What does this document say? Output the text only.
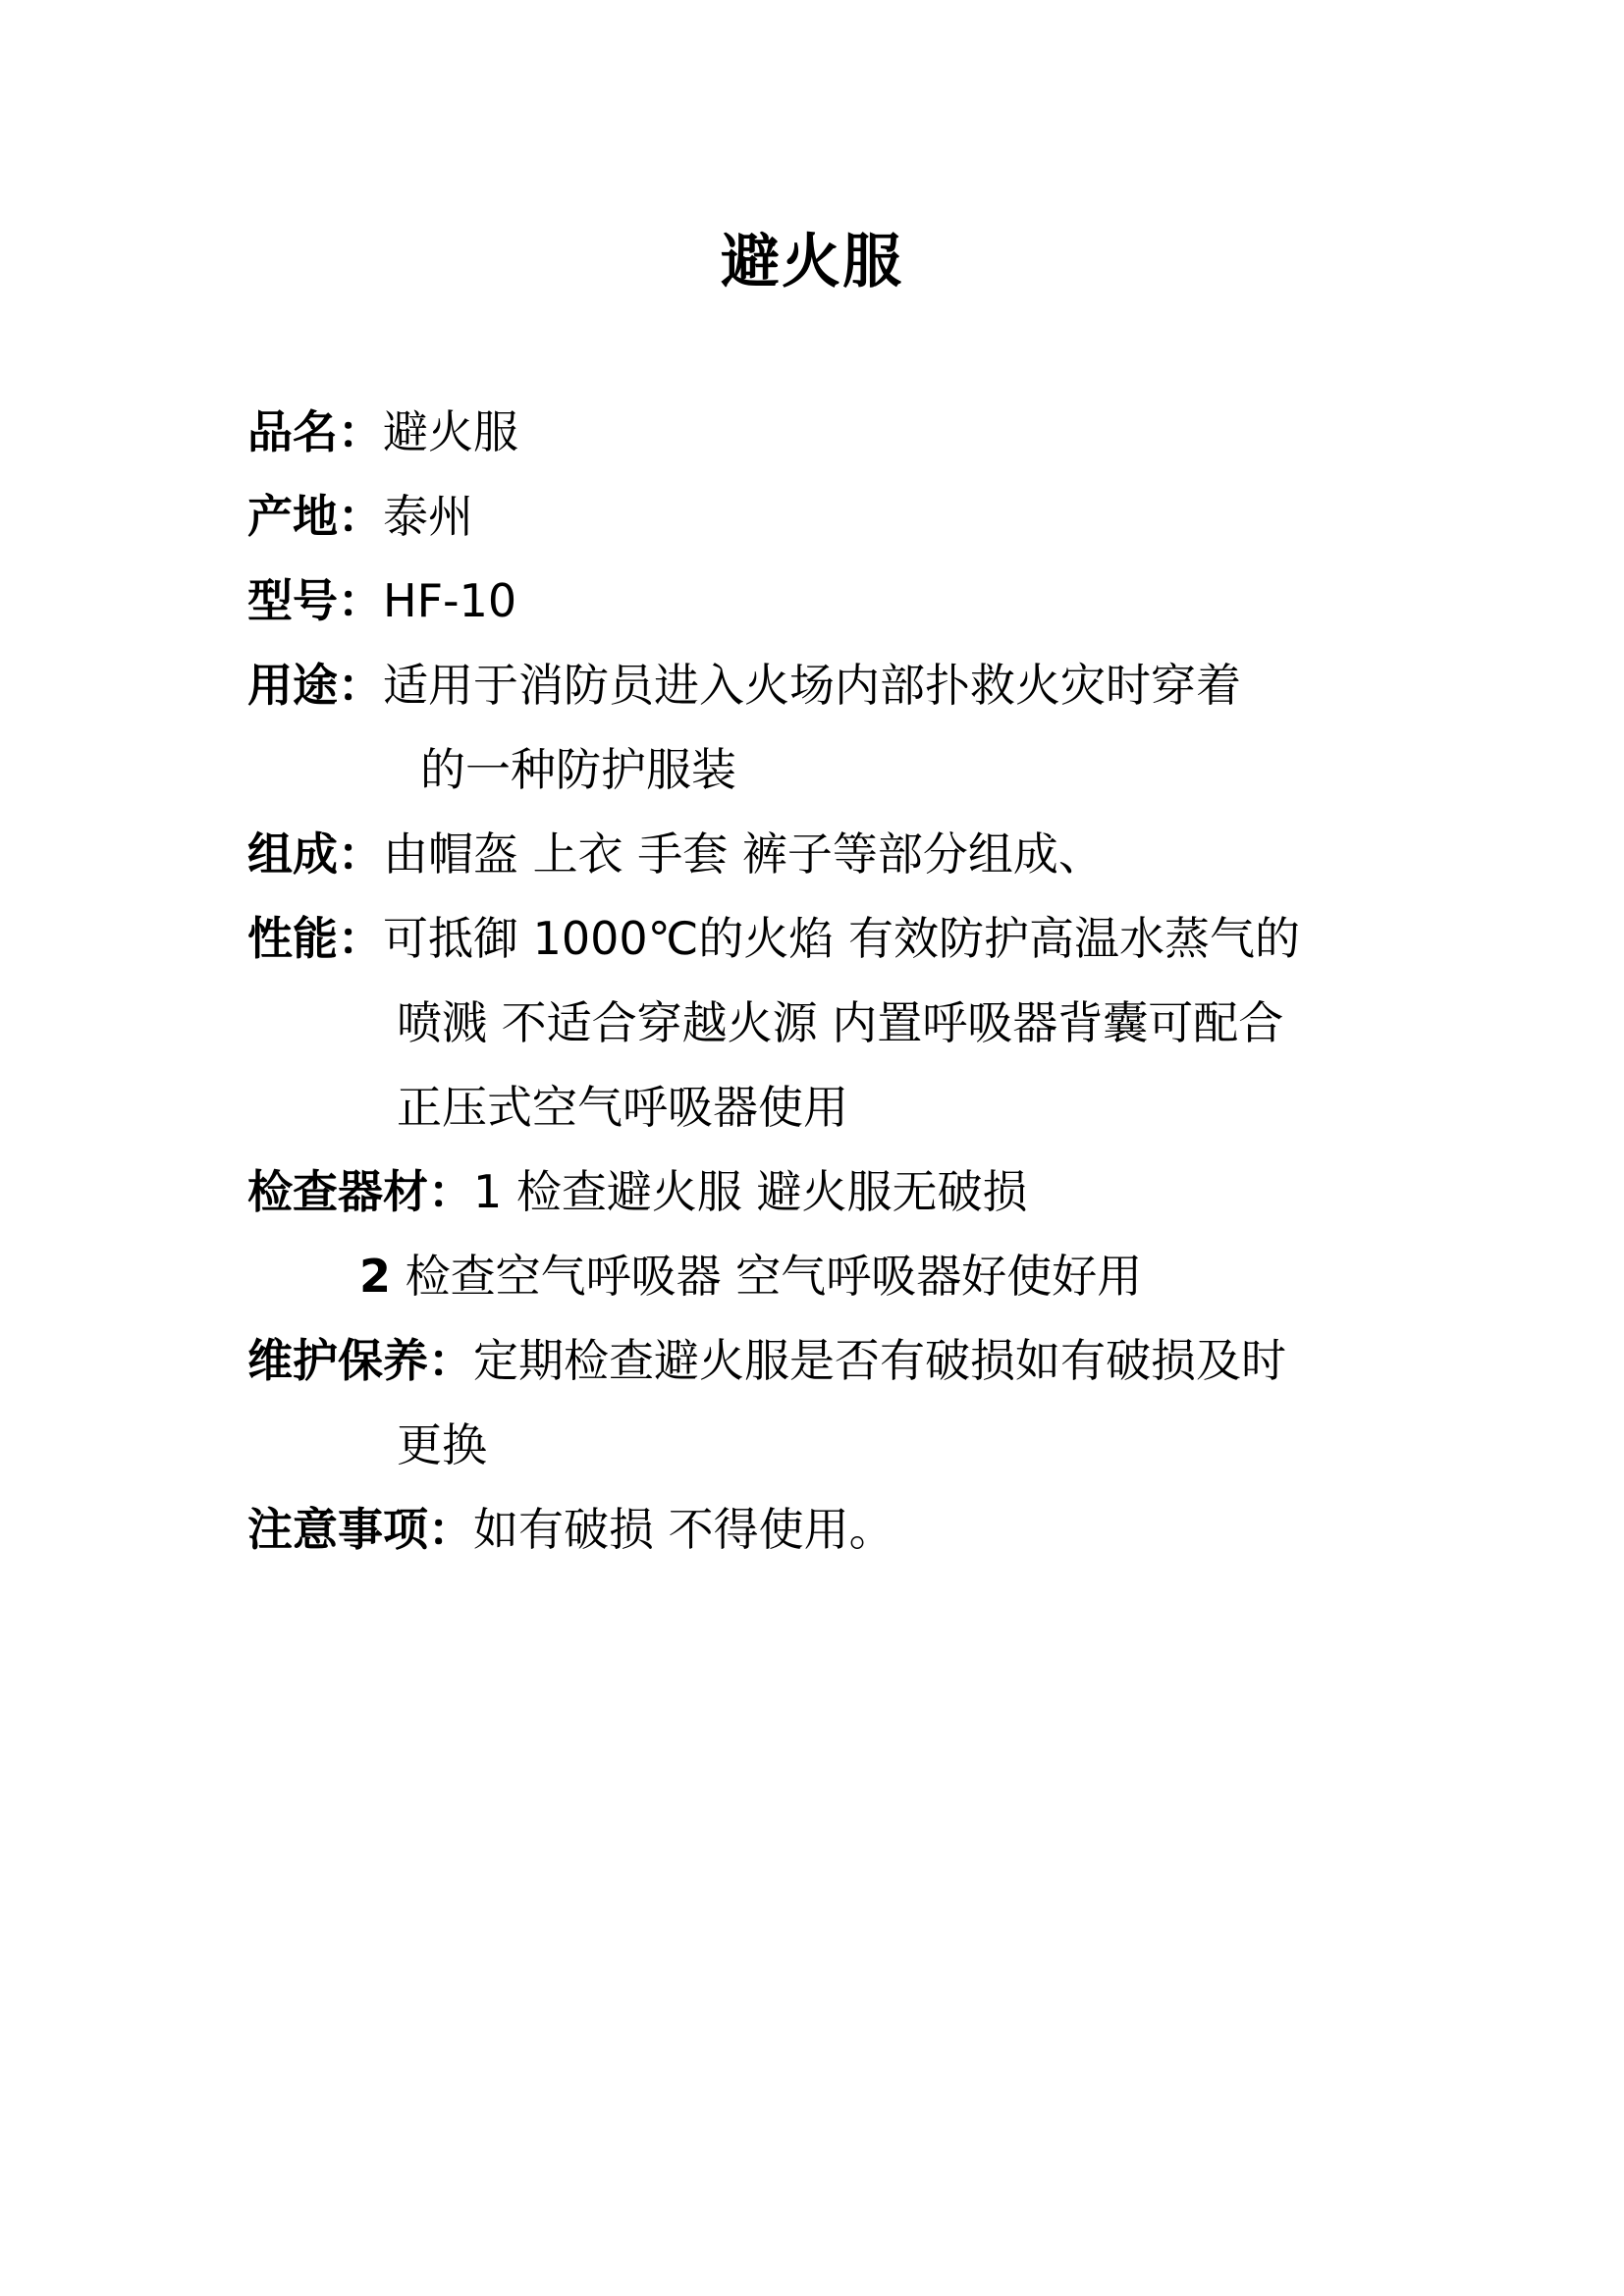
避火服
品名：避火服
产地：泰州
型号：HF-10
用途：适用于消防员进入火场内部扑救火灾时穿着
的一种防护服装
组成：由帽盔 上衣 手套 裤子等部分组成、
性能：可抵御 1000℃的火焰 有效防护高温水蒸气的
喷溅 不适合穿越火源 内置呼吸器背囊可配合
正压式空气呼吸器使用
检查器材：1 检查避火服 避火服无破损
2 检查空气呼吸器 空气呼吸器好使好用
维护保养：定期检查避火服是否有破损如有破损及时
更换
注意事项：如有破损 不得使用。
